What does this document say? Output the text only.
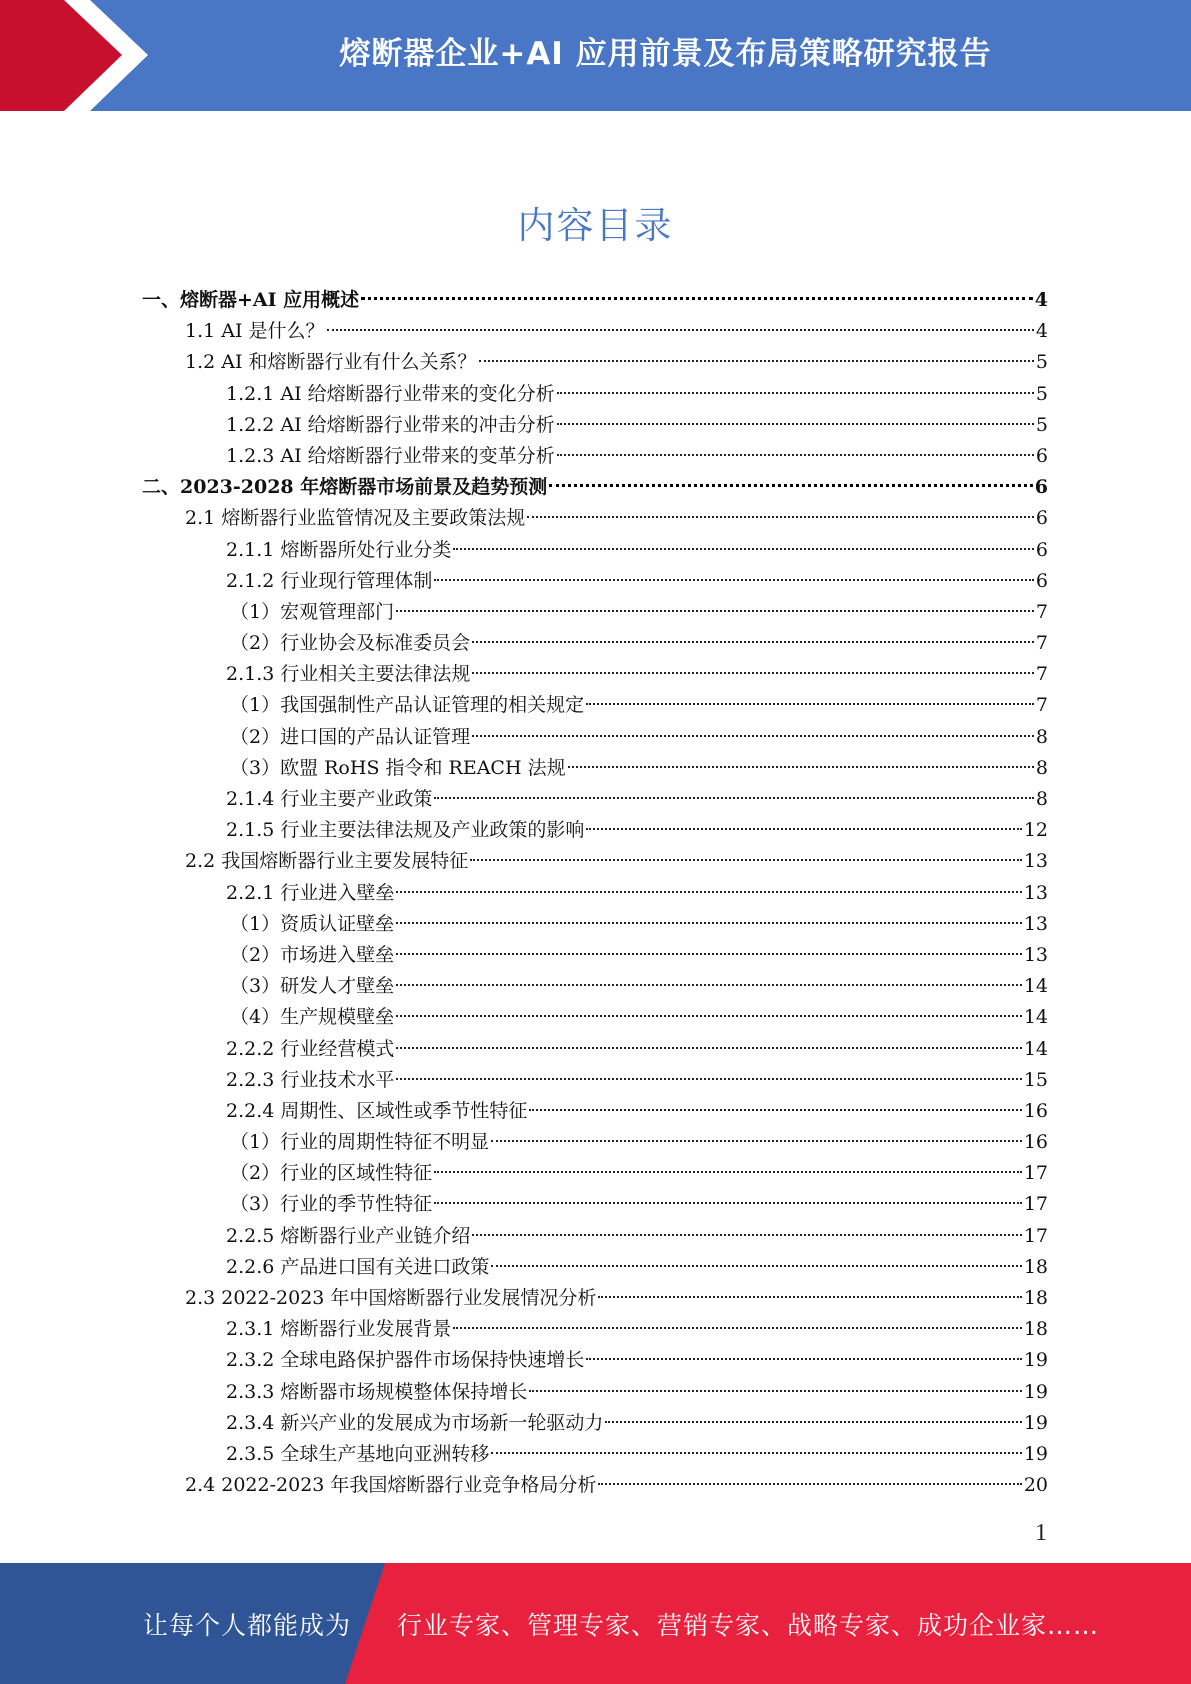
熔断器企业+AI 应用前景及布局策略研究报告
内容目录
一、熔断器+AI 应用概述	4
1.1 AI 是什么？	4
1.2 AI 和熔断器行业有什么关系？	5
1.2.1 AI 给熔断器行业带来的变化分析	5
1.2.2 AI 给熔断器行业带来的冲击分析	5
1.2.3 AI 给熔断器行业带来的变革分析	6
二、2023-2028 年熔断器市场前景及趋势预测	6
2.1 熔断器行业监管情况及主要政策法规	6
2.1.1 熔断器所处行业分类	6
2.1.2 行业现行管理体制	6
（1）宏观管理部门	7
（2）行业协会及标准委员会	7
2.1.3 行业相关主要法律法规	7
（1）我国强制性产品认证管理的相关规定	7
（2）进口国的产品认证管理	8
（3）欧盟 RoHS 指令和 REACH 法规	8
2.1.4 行业主要产业政策	8
2.1.5 行业主要法律法规及产业政策的影响	12
2.2 我国熔断器行业主要发展特征	13
2.2.1 行业进入壁垒	13
（1）资质认证壁垒	13
（2）市场进入壁垒	13
（3）研发人才壁垒	14
（4）生产规模壁垒	14
2.2.2 行业经营模式	14
2.2.3 行业技术水平	15
2.2.4 周期性、区域性或季节性特征	16
（1）行业的周期性特征不明显	16
（2）行业的区域性特征	17
（3）行业的季节性特征	17
2.2.5 熔断器行业产业链介绍	17
2.2.6 产品进口国有关进口政策	18
2.3 2022-2023 年中国熔断器行业发展情况分析	18
2.3.1 熔断器行业发展背景	18
2.3.2 全球电路保护器件市场保持快速增长	19
2.3.3 熔断器市场规模整体保持增长	19
2.3.4 新兴产业的发展成为市场新一轮驱动力	19
2.3.5 全球生产基地向亚洲转移	19
2.4 2022-2023 年我国熔断器行业竞争格局分析	20
1
让每个人都能成为 行业专家、管理专家、营销专家、战略专家、成功企业家……
